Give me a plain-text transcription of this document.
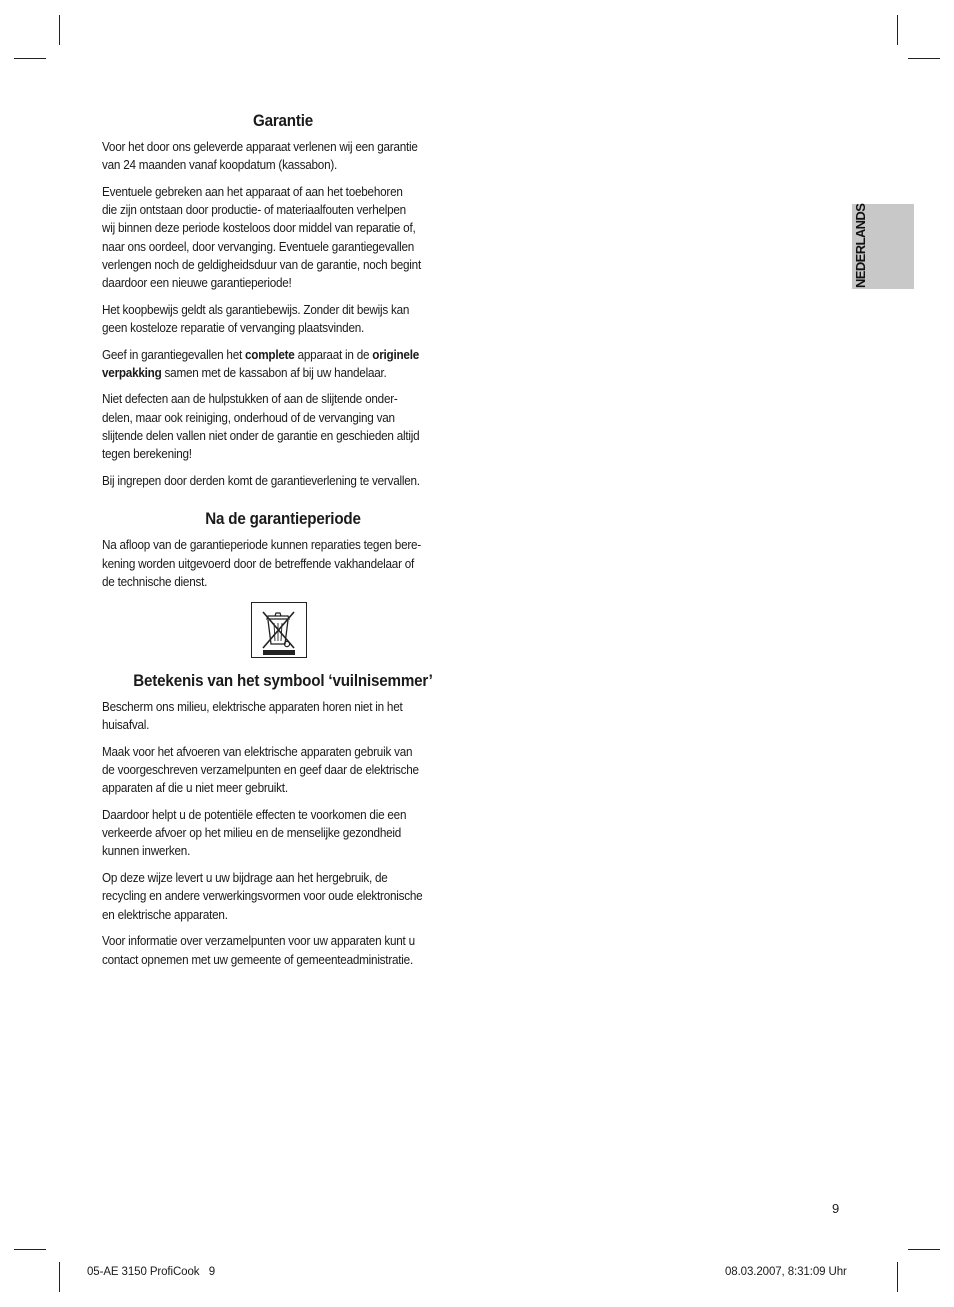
Garantie

Voor het door ons geleverde apparaat verlenen wij een garantie
van 24 maanden vanaf koopdatum (kassabon).

Eventuele gebreken aan het apparaat of aan het toebehoren
die zijn ontstaan door productie- of materiaalfouten verhelpen
wij binnen deze periode kosteloos door middel van reparatie of,
naar ons oordeel, door vervanging. Eventuele garantiegevallen
verlengen noch de geldigheidsduur van de garantie, noch begint
daardoor een nieuwe garantieperiode!

Het koopbewijs geldt als garantiebewijs. Zonder dit bewijs kan
geen kosteloze reparatie of vervanging plaatsvinden.

Geef in garantiegevallen het complete apparaat in de originele
verpakking samen met de kassabon af bij uw handelaar.

Niet defecten aan de hulpstukken of aan de slijtende onder-
delen, maar ook reiniging, onderhoud of de vervanging van
slijtende delen vallen niet onder de garantie en geschieden altijd
tegen berekening!

Bij ingrepen door derden komt de garantieverlening te vervallen.

Na de garantieperiode

Na afloop van de garantieperiode kunnen reparaties tegen bere-
kening worden uitgevoerd door de betreffende vakhandelaar of
de technische dienst.

Betekenis van het symbool ‘vuilnisemmer’

Bescherm ons milieu, elektrische apparaten horen niet in het
huisafval.

Maak voor het afvoeren van elektrische apparaten gebruik van
de voorgeschreven verzamelpunten en geef daar de elektrische
apparaten af die u niet meer gebruikt.

Daardoor helpt u de potentiële effecten te voorkomen die een
verkeerde afvoer op het milieu en de menselijke gezondheid
kunnen inwerken.

Op deze wijze levert u uw bijdrage aan het hergebruik, de
recycling en andere verwerkingsvormen voor oude elektronische
en elektrische apparaten.

Voor informatie over verzamelpunten voor uw apparaten kunt u
contact opnemen met uw gemeente of gemeenteadministratie.

NEDERLANDS
9
05-AE 3150 ProfiCook   9	08.03.2007, 8:31:09 Uhr
